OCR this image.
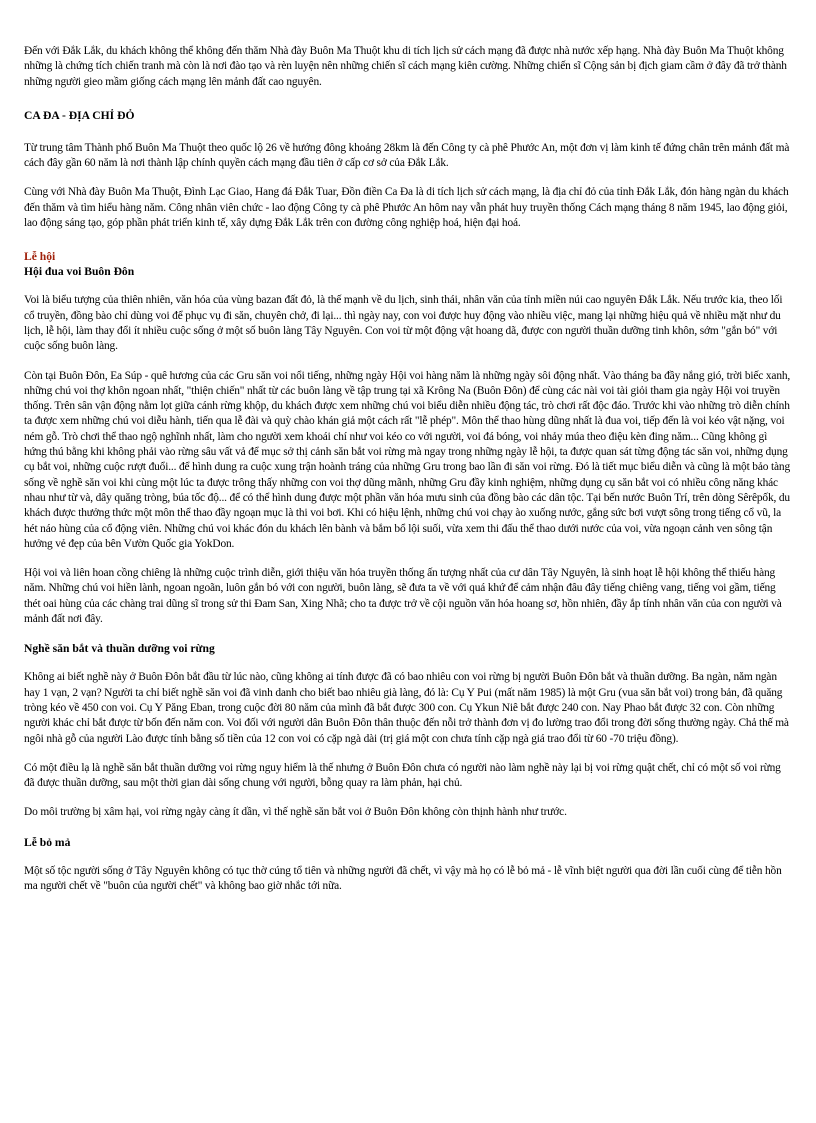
Đến với Đắk Lắk, du khách không thể không đến thăm Nhà đày Buôn Ma Thuột khu di tích lịch sử cách mạng đã được nhà nước xếp hạng. Nhà đày Buôn Ma Thuột không những là chứng tích chiến tranh mà còn là nơi đào tạo và rèn luyện nên những chiến sĩ cách mạng kiên cường. Những chiến sĩ Cộng sản bị địch giam cầm ở đây đã trở thành những người gieo mầm giống cách mạng lên mảnh đất cao nguyên.

CA ĐA - ĐỊA CHỈ ĐỎ

Từ trung tâm Thành phố Buôn Ma Thuột theo quốc lộ 26 về hướng đông khoảng 28km là đến Công ty cà phê Phước An, một đơn vị làm kinh tế đứng chân trên mảnh đất mà cách đây gần 60 năm là nơi thành lập chính quyền cách mạng đầu tiên ở cấp cơ sở của Đắk Lắk.

Cùng với Nhà đày Buôn Ma Thuột, Đình Lạc Giao, Hang đá Đắk Tuar, Đồn điền Ca Đa là di tích lịch sử cách mạng, là địa chỉ đỏ của tỉnh Đắk Lắk, đón hàng ngàn du khách đến thăm và tìm hiểu hàng năm. Công nhân viên chức - lao động Công ty cà phê Phước An hôm nay vẫn phát huy truyền thống Cách mạng tháng 8 năm 1945, lao động giỏi, lao động sáng tạo, góp phần phát triển kinh tế, xây dựng Đắk Lắk trên con đường công nghiệp hoá, hiện đại hoá.

Lễ hội
Hội đua voi Buôn Đôn

Voi là biểu tượng của thiên nhiên, văn hóa của vùng bazan đất đỏ, là thế mạnh về du lịch, sinh thái, nhân văn của tỉnh miền núi cao nguyên Đắk Lắk. Nếu trước kia, theo lối cổ truyền, đồng bào chỉ dùng voi để phục vụ đi săn, chuyên chở, đi lại... thì ngày nay, con voi được huy động vào nhiều việc, mang lại những hiệu quả về nhiều mặt như du lịch, lễ hội, làm thay đổi ít nhiều cuộc sống ở một số buôn làng Tây Nguyên. Con voi từ một động vật hoang dã, được con người thuần dưỡng tinh khôn, sớm "gắn bó" với cuộc sống buôn làng.

Còn tại Buôn Đôn, Ea Súp - quê hương của các Gru săn voi nổi tiếng, những ngày Hội voi hàng năm là những ngày sôi động nhất. Vào tháng ba đầy nắng gió, trời biếc xanh, những chú voi thợ khôn ngoan nhất, "thiện chiến" nhất từ các buôn làng về tập trung tại xã Krông Na (Buôn Đôn) để cùng các nài voi tài giỏi tham gia ngày Hội voi truyền thống. Trên sân vận động nằm lọt giữa cánh rừng khộp, du khách được xem những chú voi biểu diễn nhiều động tác, trò chơi rất độc đáo. Trước khi vào những trò diễn chính ta được xem những chú voi diễu hành, tiến qua lễ đài và quỳ chào khán giả một cách rất "lễ phép". Môn thể thao hùng dũng nhất là đua voi, tiếp đến là voi kéo vật nặng, voi ném gỗ. Trò chơi thể thao ngộ nghĩnh nhất, làm cho người xem khoái chí như voi kéo co với người, voi đá bóng, voi nhảy múa theo điệu kèn đing năm... Cũng không gì hứng thú bằng khi không phải vào rừng sâu vất vả để mục sở thị cảnh săn bắt voi rừng mà ngay trong những ngày lễ hội, ta được quan sát từng động tác săn voi, những dụng cụ bắt voi, những cuộc rượt đuổi... để hình dung ra cuộc xung trận hoành tráng của những Gru trong bao lần đi săn voi rừng. Đó là tiết mục biểu diễn và cũng là một bảo tàng sống về nghề săn voi khi cùng một lúc ta được trông thấy những con voi thợ dũng mãnh, những Gru đầy kinh nghiệm, những dụng cụ săn bắt voi có nhiều công năng khác nhau như từ và, dây quăng tròng, búa tốc độ... để có thể hình dung được một phần văn hóa mưu sinh của đồng bào các dân tộc. Tại bến nước Buôn Trí, trên dòng Sêrêpốk, du khách được thưởng thức một môn thể thao đầy ngoạn mục là thi voi bơi. Khi có hiệu lệnh, những chú voi chạy ào xuống nước, gắng sức bơi vượt sông trong tiếng cổ vũ, la hét náo hùng của cổ động viên. Những chú voi khác đón du khách lên bành và bắm bổ lội suối, vừa xem thi đấu thể thao dưới nước của voi, vừa ngoạn cảnh ven sông tận hưởng vẻ đẹp của bên Vườn Quốc gia YokDon.

Hội voi và liên hoan cồng chiêng là những cuộc trình diễn, giới thiệu văn hóa truyền thống ấn tượng nhất của cư dân Tây Nguyên, là sinh hoạt lễ hội không thể thiếu hàng năm. Những chú voi hiền lành, ngoan ngoãn, luôn gắn bó với con người, buôn làng, sẽ đưa ta về với quá khứ để cảm nhận đâu đây tiếng chiêng vang, tiếng voi gầm, tiếng thét oai hùng của các chàng trai dũng sĩ trong sử thi Đam San, Xing Nhã; cho ta được trở về cội nguồn văn hóa hoang sơ, hồn nhiên, đầy ắp tính nhân văn của con người và mảnh đất nơi đây.

Nghề săn bắt và thuần dưỡng voi rừng

Không ai biết nghề này ở Buôn Đôn bắt đầu từ lúc nào, cũng không ai tính được đã có bao nhiêu con voi rừng bị người Buôn Đôn bắt và thuần dưỡng. Ba ngàn, năm ngàn hay 1 vạn, 2 vạn? Người ta chỉ biết nghề săn voi đã vinh danh cho biết bao nhiêu già làng, đó là: Cụ Y Pui (mất năm 1985) là một Gru (vua săn bắt voi) trong bản, đã quăng tròng kéo về 450 con voi. Cụ Y Păng Eban, trong cuộc đời 80 năm của mình đã bắt được 300 con. Cụ Ykun Niê bắt được 240 con. Nay Phao bắt được 32 con. Còn những người khác chỉ bắt được từ bốn đến năm con. Voi đối với người dân Buôn Đôn thân thuộc đến nỗi trở thành đơn vị đo lường trao đổi trong đời sống thường ngày. Chả thế mà ngôi nhà gỗ của người Lào được tính bằng số tiền của 12 con voi có cặp ngà dài (trị giá một con chưa tính cặp ngà giá trao đổi từ 60 -70 triệu đồng).

Có một điều lạ là nghề săn bắt thuần dưỡng voi rừng nguy hiểm là thế nhưng ở Buôn Đôn chưa có người nào làm nghề này lại bị voi rừng quật chết, chỉ có một số voi rừng đã được thuần dưỡng, sau một thời gian dài sống chung với người, bỗng quay ra làm phản, hại chủ.

Do môi trường bị xâm hại, voi rừng ngày càng ít dần, vì thế nghề săn bắt voi ở Buôn Đôn không còn thịnh hành như trước.

Lễ bỏ mả

Một số tộc người sống ở Tây Nguyên không có tục thờ cúng tổ tiên và những người đã chết, vì vậy mà họ có lễ bỏ mả - lễ vĩnh biệt người qua đời lần cuối cùng để tiễn hồn ma người chết về "buôn của người chết" và không bao giờ nhắc tới nữa.
